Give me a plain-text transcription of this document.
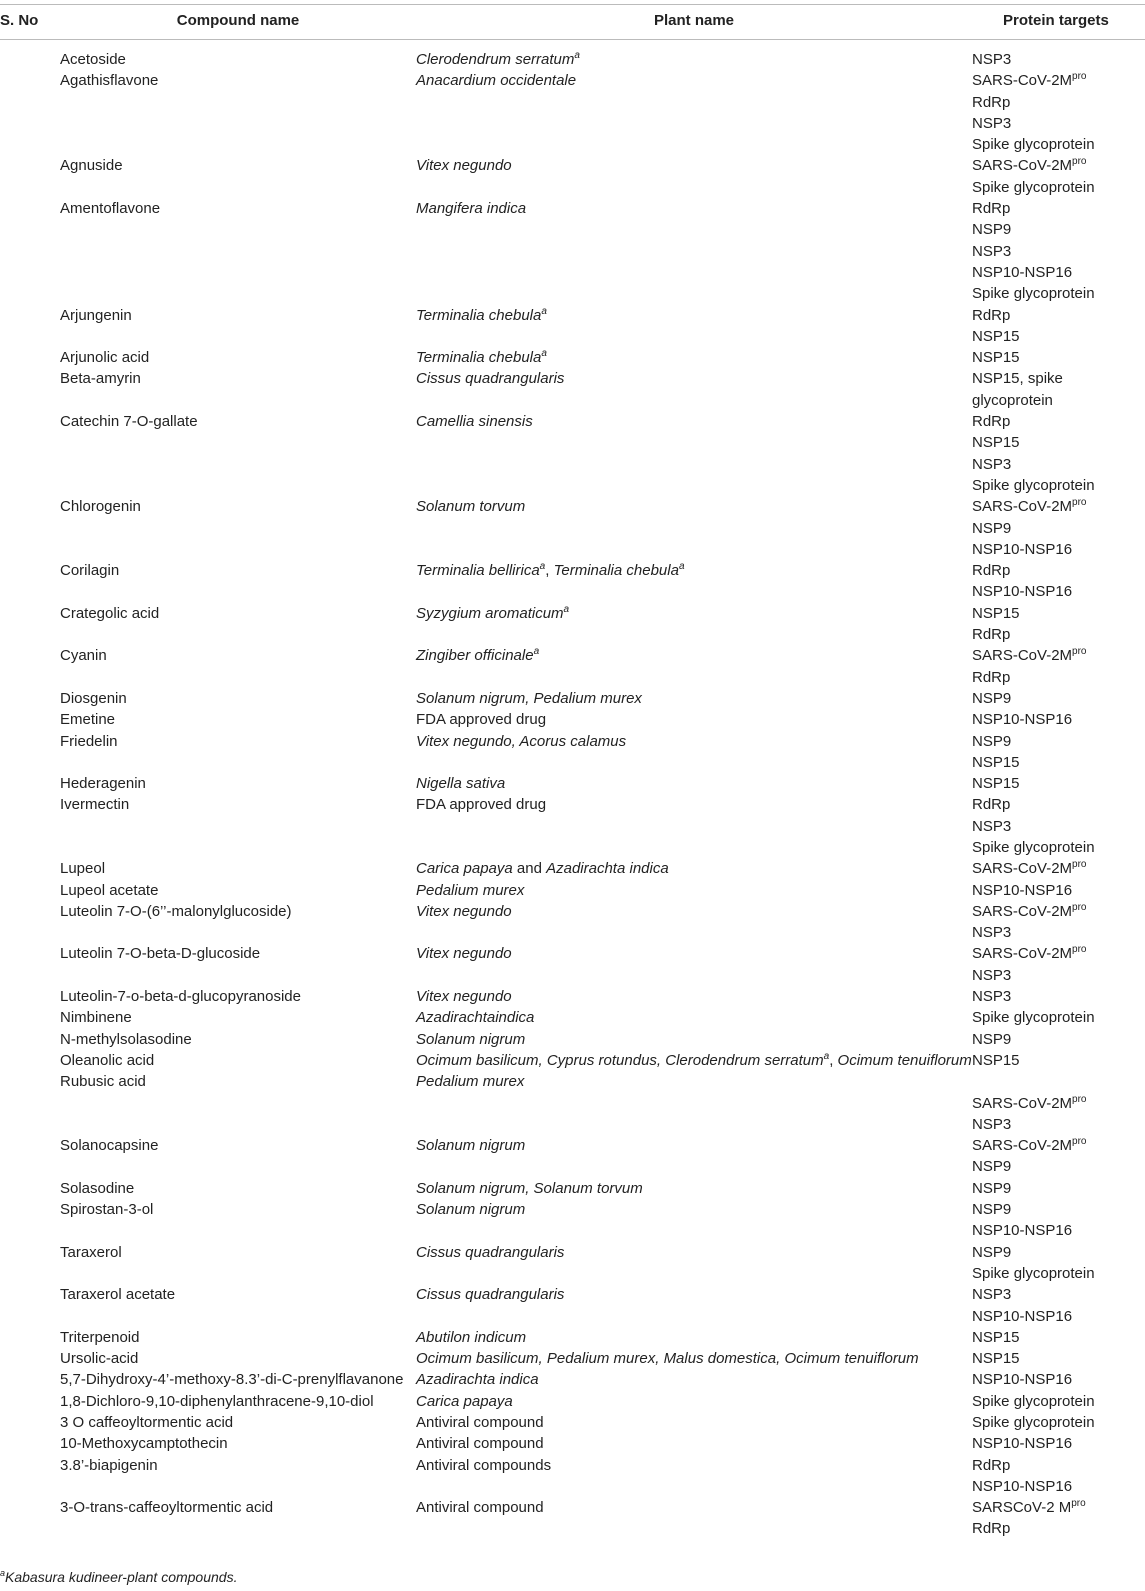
S. No	Compound name	Plant name	Protein targets
	Acetoside	Clerodendrum serratum$^a$	NSP3

	Agathisflavone	Anacardium occidentale	SARS-$CoV-2M^{pro}$
RdRp
NSP3
Spike glycoprotein

	Agnuside	Vitex negundo	SARS-$CoV-2M^{pro}$
Spike glycoprotein

	Amentoflavone	Mangifera indica	RdRp
NSP9
NSP3
NSP10-NSP16
Spike glycoprotein

	Arjungenin	Terminalia chebula$^a$	RdRp
NSP15

	Arjunolic acid	Terminalia chebula$^a$	NSP15

	Beta-amyrin	Cissus quadrangularis	NSP15, spike
glycoprotein

	Catechin 7-O-gallate	Camellia sinensis	RdRp
NSP15
NSP3
Spike glycoprotein

	Chlorogenin	Solanum torvum	SARS-$CoV-2M^{pro}$
NSP9
NSP10-NSP16

	Corilagin	Terminalia bellirica$^a$, Terminalia chebula$^a$	RdRp
NSP10-NSP16

	Crategolic acid	Syzygium aromaticum$^a$	NSP15
RdRp

	Cyanin	Zingiber officinale$^a$	SARS-$CoV-2M^{pro}$
RdRp

	Diosgenin	Solanum nigrum, Pedalium murex	NSP9

	Emetine	FDA approved drug	NSP10-NSP16

	Friedelin	Vitex negundo, Acorus calamus	NSP9
NSP15

	Hederagenin	Nigella sativa	NSP15

	Ivermectin	FDA approved drug	RdRp
NSP3
Spike glycoprotein

	Lupeol	Carica papaya and Azadirachta indica	SARS-$CoV-2M^{pro}$

	Lupeol acetate	Pedalium murex	NSP10-NSP16

	Luteolin 7-O-(6’’-malonylglucoside)	Vitex negundo	SARS-$CoV-2M^{pro}$
NSP3

	Luteolin 7-O-beta-D-glucoside	Vitex negundo	SARS-$CoV-2M^{pro}$
NSP3

	Luteolin-7-o-beta-d-glucopyranoside	Vitex negundo	NSP3

	Nimbinene	Azadirachtaindica	Spike glycoprotein

	N-methylsolasodine	Solanum nigrum	NSP9

	Oleanolic acid	Ocimum basilicum, Cyprus rotundus, Clerodendrum serratum$^a$, Ocimum tenuiflorum	NSP15

	Rubusic acid	Pedalium murex	SARS-$CoV-2M^{pro}$
NSP3

	Solanocapsine	Solanum nigrum	SARS-$CoV-2M^{pro}$
NSP9

	Solasodine	Solanum nigrum, Solanum torvum	NSP9

	Spirostan-3-ol	Solanum nigrum	NSP9
NSP10-NSP16

	Taraxerol	Cissus quadrangularis	NSP9
Spike glycoprotein

	Taraxerol acetate	Cissus quadrangularis	NSP3
NSP10-NSP16

	Triterpenoid	Abutilon indicum	NSP15

	Ursolic-acid	Ocimum basilicum, Pedalium murex, Malus domestica, Ocimum tenuiflorum	NSP15

	5,7-Dihydroxy-4’-methoxy-8.3’-di-C-prenylflavanone	Azadirachta indica	NSP10-NSP16

	1,8-Dichloro-9,10-diphenylanthracene-9,10-diol	Carica papaya	Spike glycoprotein

	3 O caffeoyltormentic acid	Antiviral compound	Spike glycoprotein

	10-Methoxycamptothecin	Antiviral compound	NSP10-NSP16

	3.8’-biapigenin	Antiviral compounds	RdRp
NSP10-NSP16

	3-O-trans-caffeoyltormentic acid	Antiviral compound	SARSCoV-2 $M^{pro}$
RdRp
$^a$Kabasura kudineer-plant compounds.
